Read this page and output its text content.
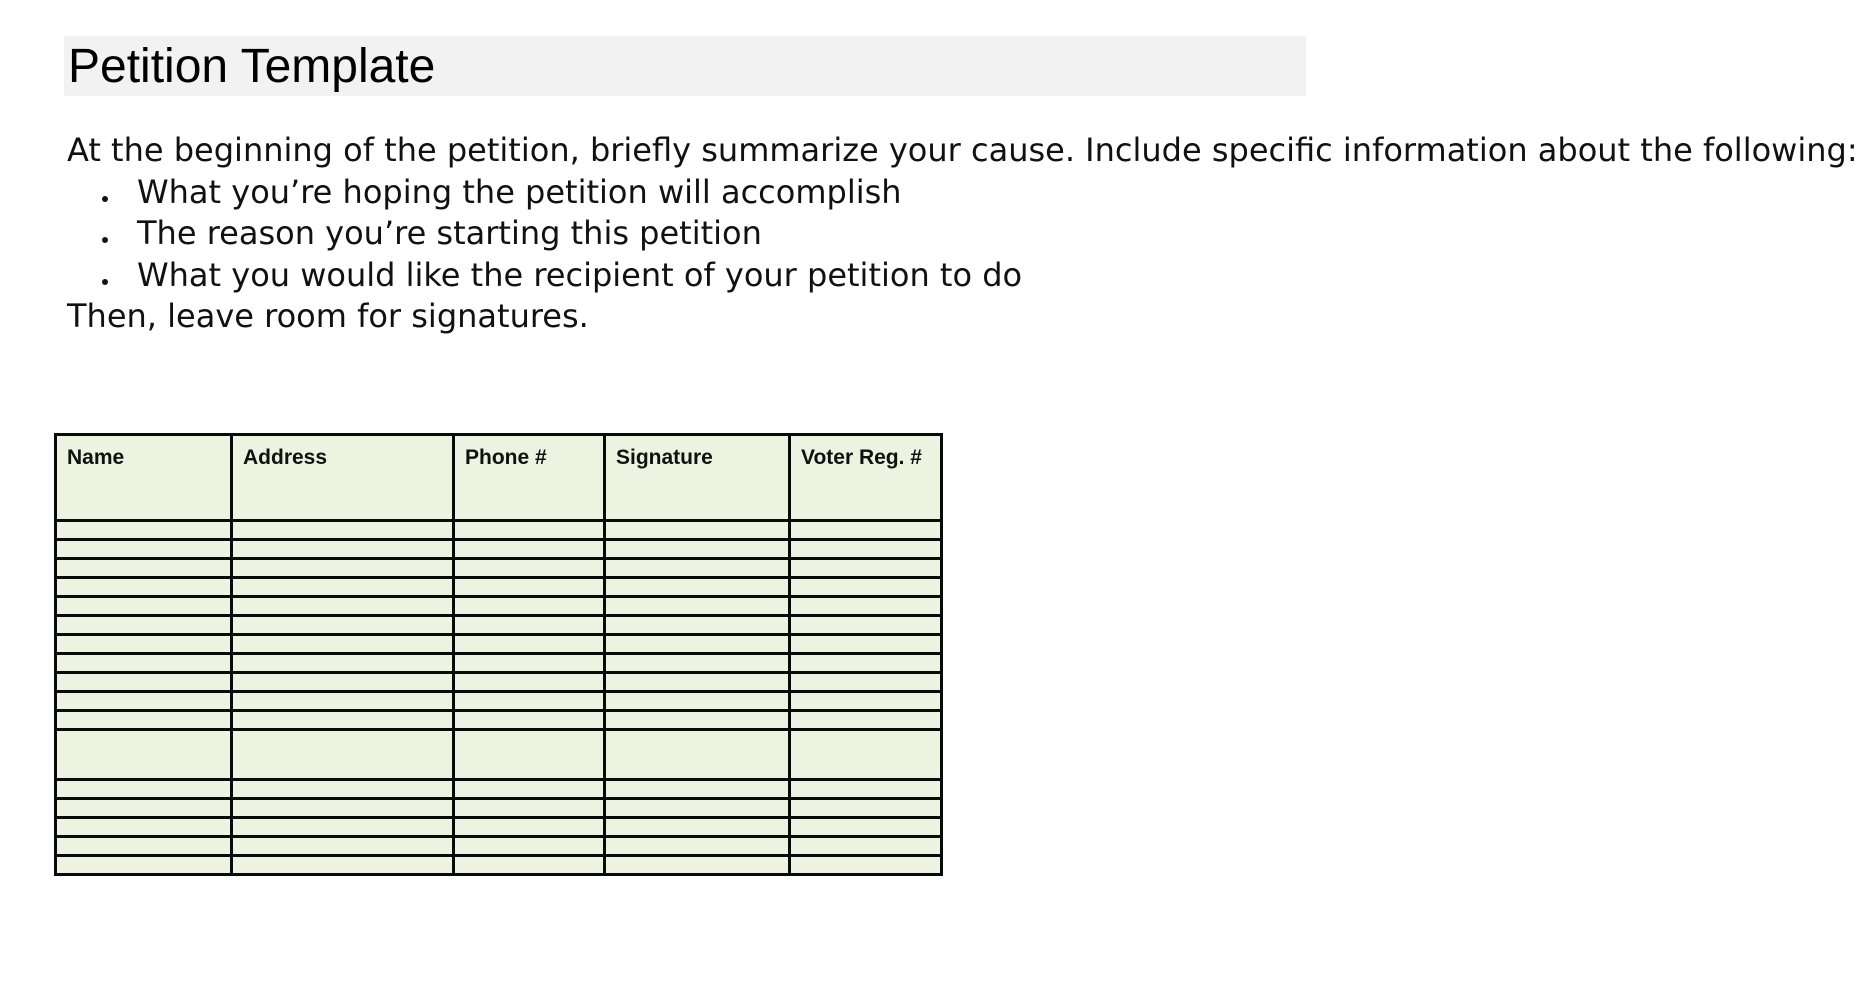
Petition Template

At the beginning of the petition, briefly summarize your cause. Include specific information about the following:

What you’re hoping the petition will accomplish
The reason you’re starting this petition
What you would like the recipient of your petition to do

Then, leave room for signatures.

Name	Address	Phone #	Signature	Voter Reg. #
